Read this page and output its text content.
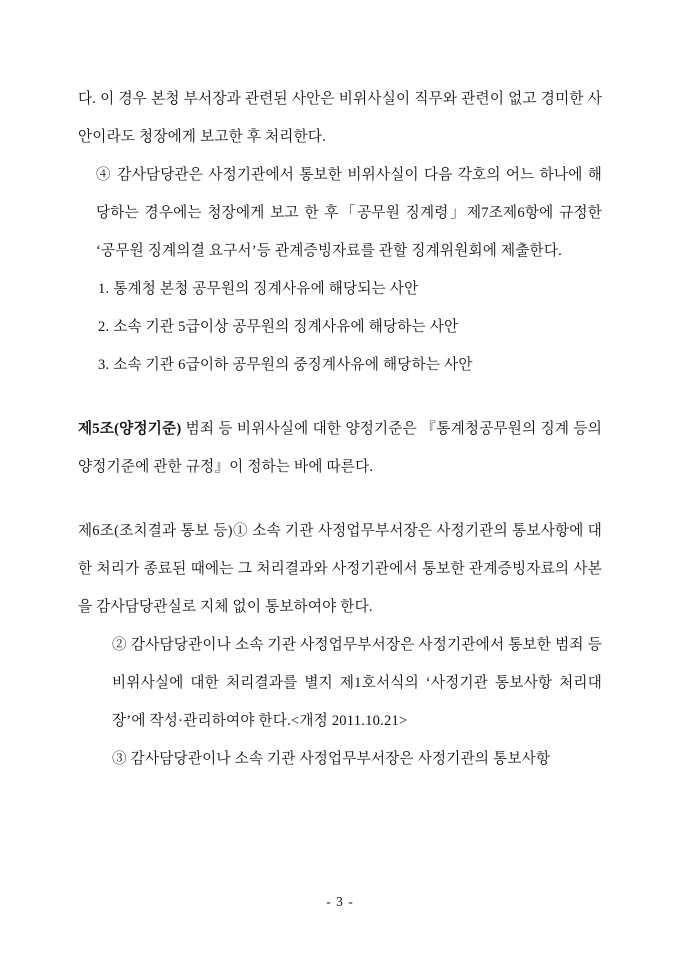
다. 이 경우 본청 부서장과 관련된 사안은 비위사실이 직무와 관련이 없고 경미한 사안이라도 청장에게 보고한 후 처리한다.

④ 감사담당관은 사정기관에서 통보한 비위사실이 다음 각호의 어느 하나에 해당하는 경우에는 청장에게 보고 한 후「공무원 징계령」제7조제6항에 규정한 ‘공무원 징계의결 요구서’등 관계증빙자료를 관할 징계위원회에 제출한다.

1. 통계청 본청 공무원의 징계사유에 해당되는 사안

2. 소속 기관 5급이상 공무원의 징계사유에 해당하는 사안

3. 소속 기관 6급이하 공무원의 중징계사유에 해당하는 사안

제5조(양정기준) 범죄 등 비위사실에 대한 양정기준은 『통계청공무원의 징계 등의 양정기준에 관한 규정』이 정하는 바에 따른다.

제6조(조치결과 통보 등)① 소속 기관 사정업무부서장은 사정기관의 통보사항에 대한 처리가 종료된 때에는 그 처리결과와 사정기관에서 통보한 관계증빙자료의 사본을 감사담당관실로 지체 없이 통보하여야 한다.

② 감사담당관이나 소속 기관 사정업무부서장은 사정기관에서 통보한 범죄 등 비위사실에 대한 처리결과를 별지 제1호서식의 ‘사정기관 통보사항 처리대장’에 작성·관리하여야 한다.<개정 2011.10.21>

③ 감사담당관이나 소속 기관 사정업무부서장은 사정기관의 통보사항

- 3 -
